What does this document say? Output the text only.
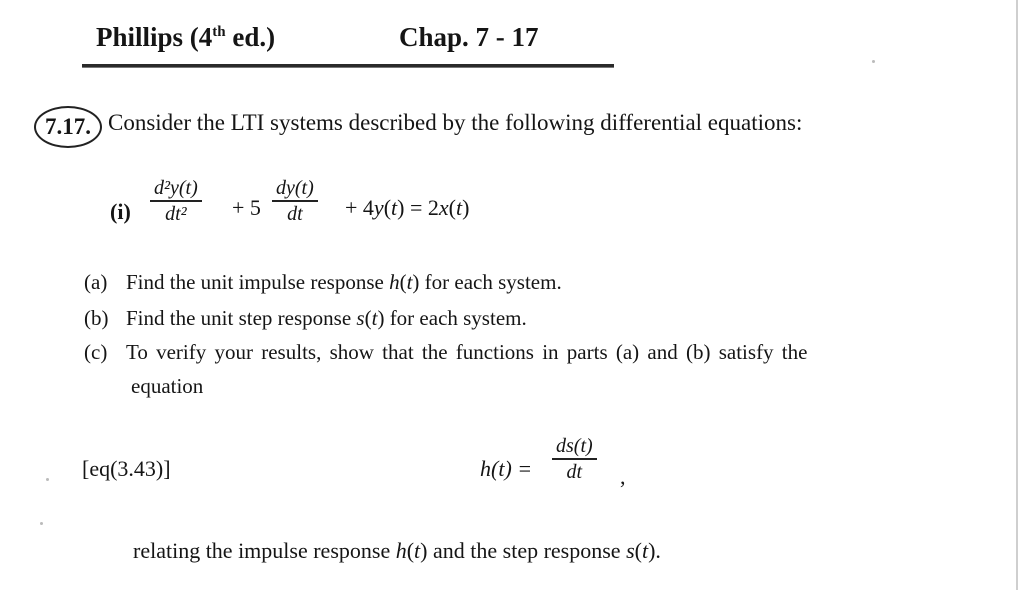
Phillips (4th ed.)	Chap. 7 - 17
7.17. Consider the LTI systems described by the following differential equations:
(i)
d²y(t)
dt² + 5
dy(t)
dt + 4y(t) = 2x(t)
(a) Find the unit impulse response h(t) for each system.
(b) Find the unit step response s(t) for each system.
(c) To verify your results, show that the functions in parts (a) and (b) satisfy the
equation
[eq(3.43)]	h(t) =
ds(t)
dt ,
relating the impulse response h(t) and the step response s(t).
